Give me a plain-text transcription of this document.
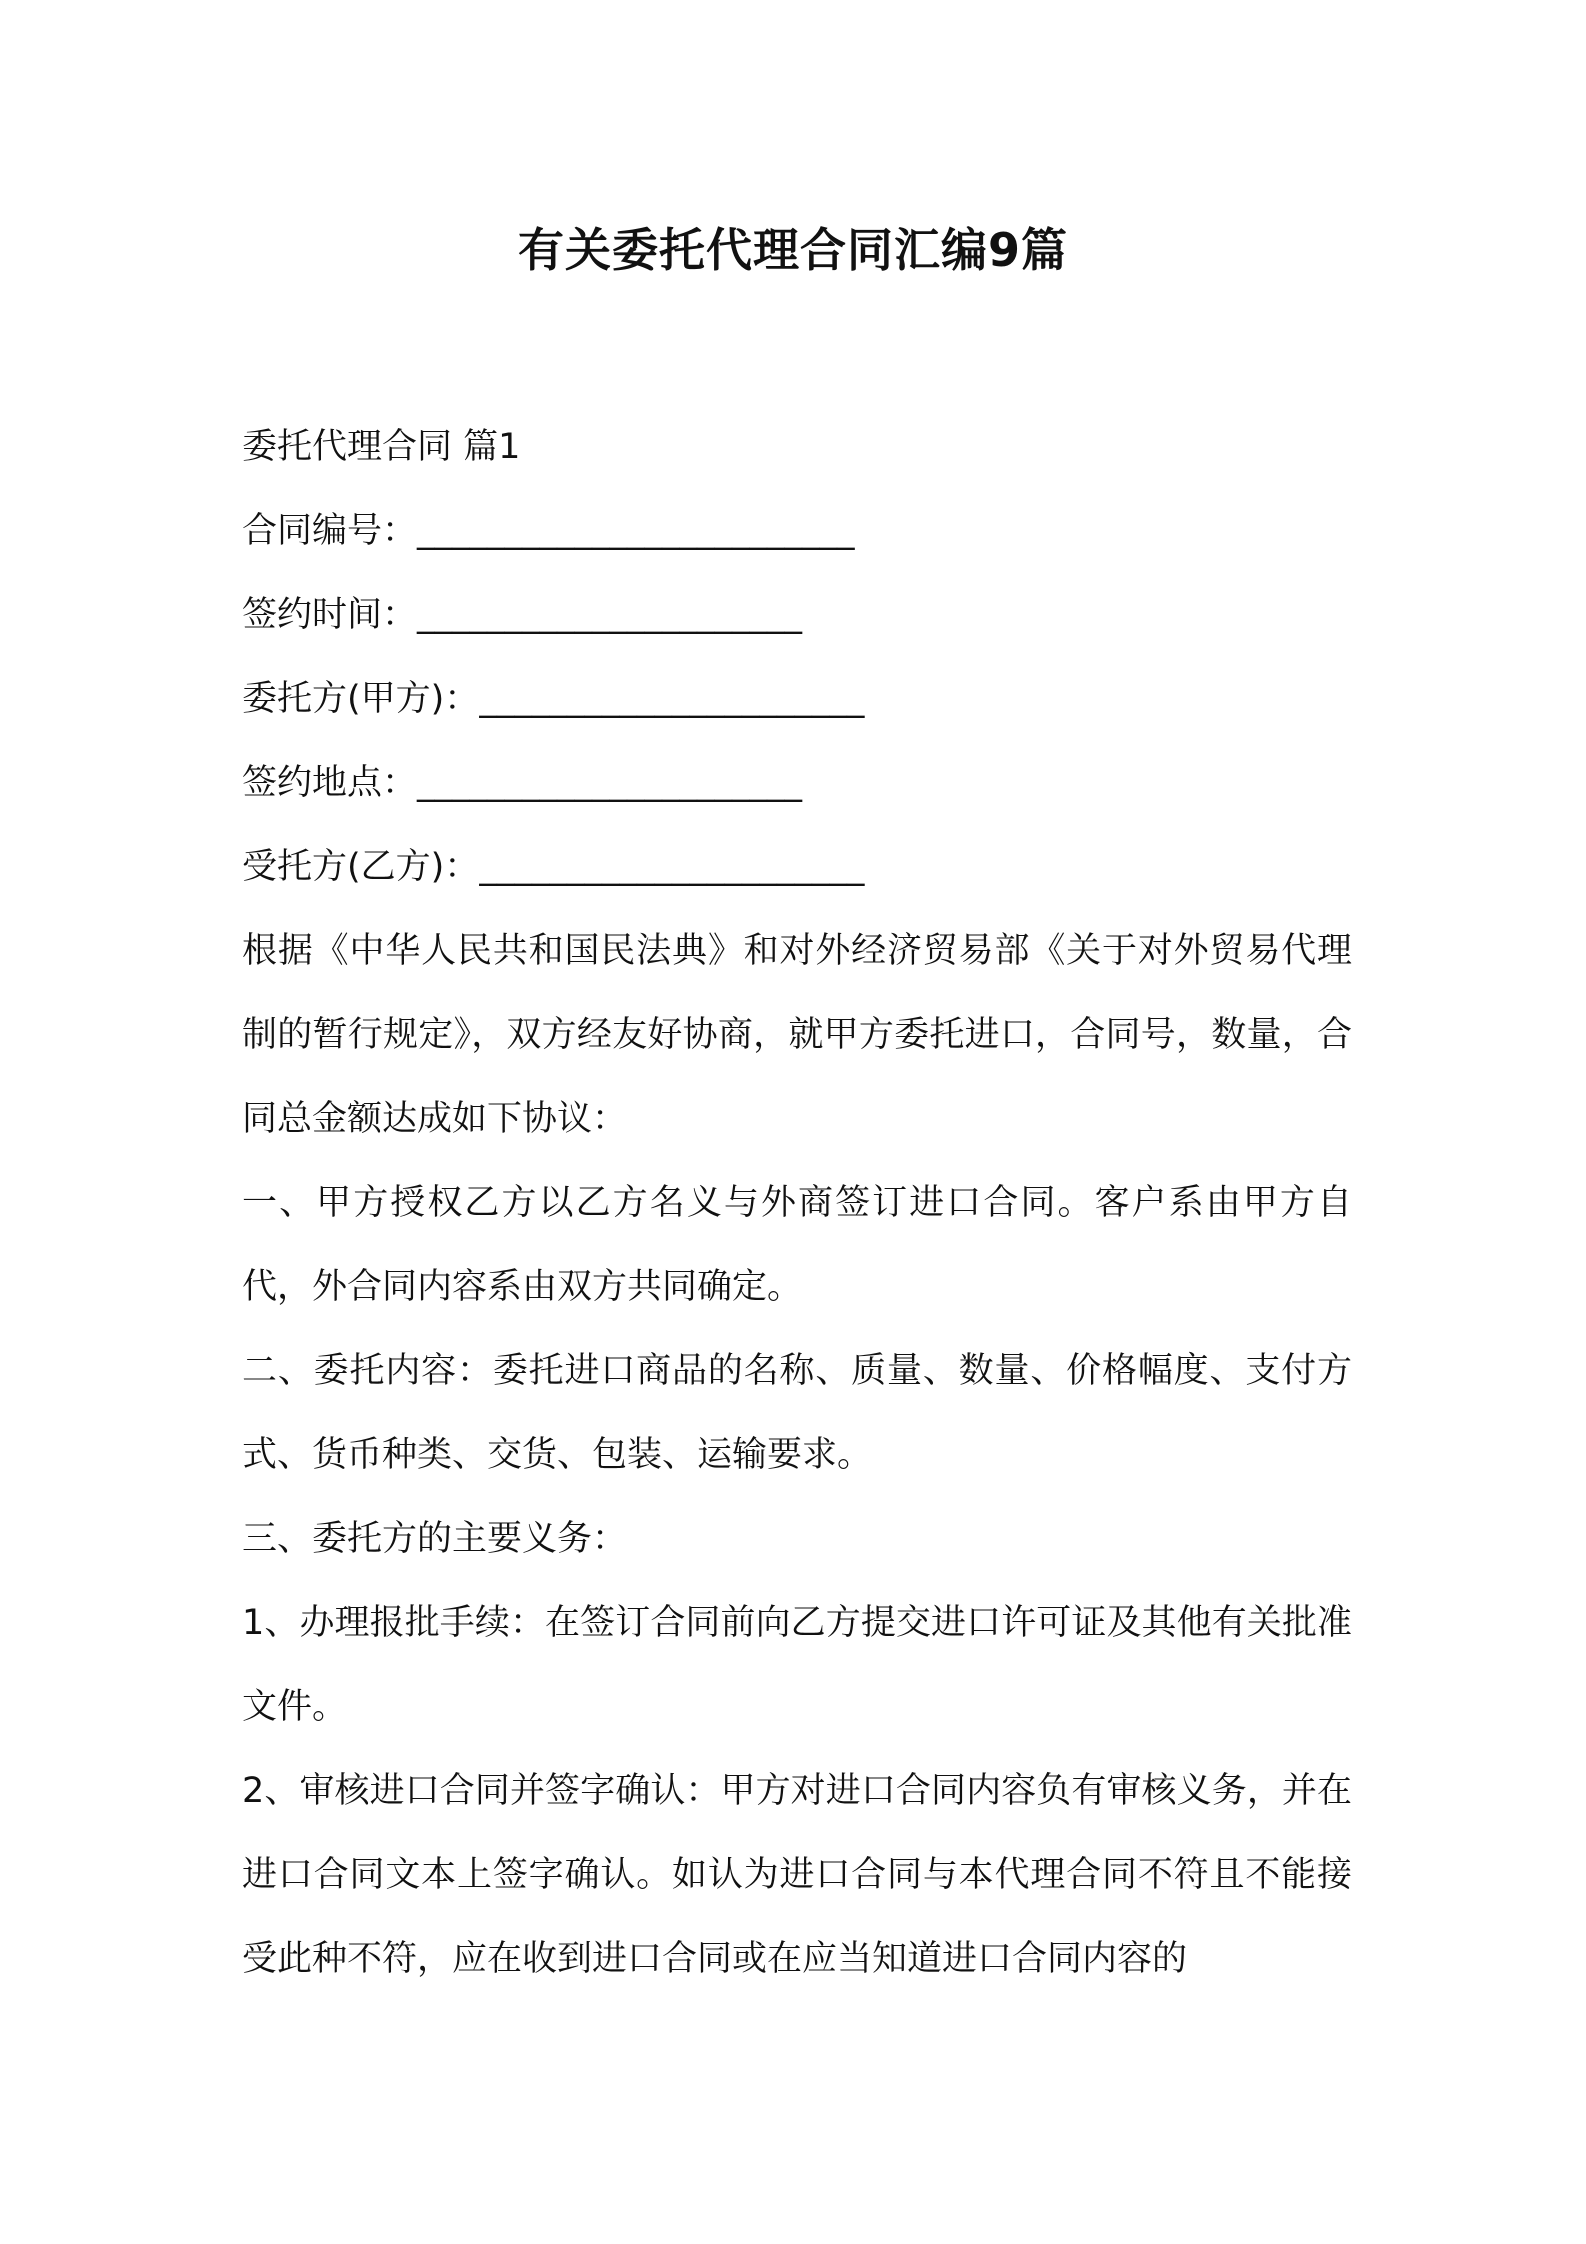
有关委托代理合同汇编9篇
委托代理合同 篇1
合同编号：_________________________
签约时间：______________________
委托方(甲方)：______________________
签约地点：______________________
受托方(乙方)：______________________
根据《中华人民共和国民法典》和对外经济贸易部《关于对外贸易代理制的暂行规定》，双方经友好协商，就甲方委托进口，合同号，数量，合同总金额达成如下协议：
一、甲方授权乙方以乙方名义与外商签订进口合同。客户系由甲方自代，外合同内容系由双方共同确定。
二、委托内容：委托进口商品的名称、质量、数量、价格幅度、支付方式、货币种类、交货、包装、运输要求。
三、委托方的主要义务：
1、办理报批手续：在签订合同前向乙方提交进口许可证及其他有关批准文件。
2、审核进口合同并签字确认：甲方对进口合同内容负有审核义务，并在进口合同文本上签字确认。如认为进口合同与本代理合同不符且不能接受此种不符，应在收到进口合同或在应当知道进口合同内容的
